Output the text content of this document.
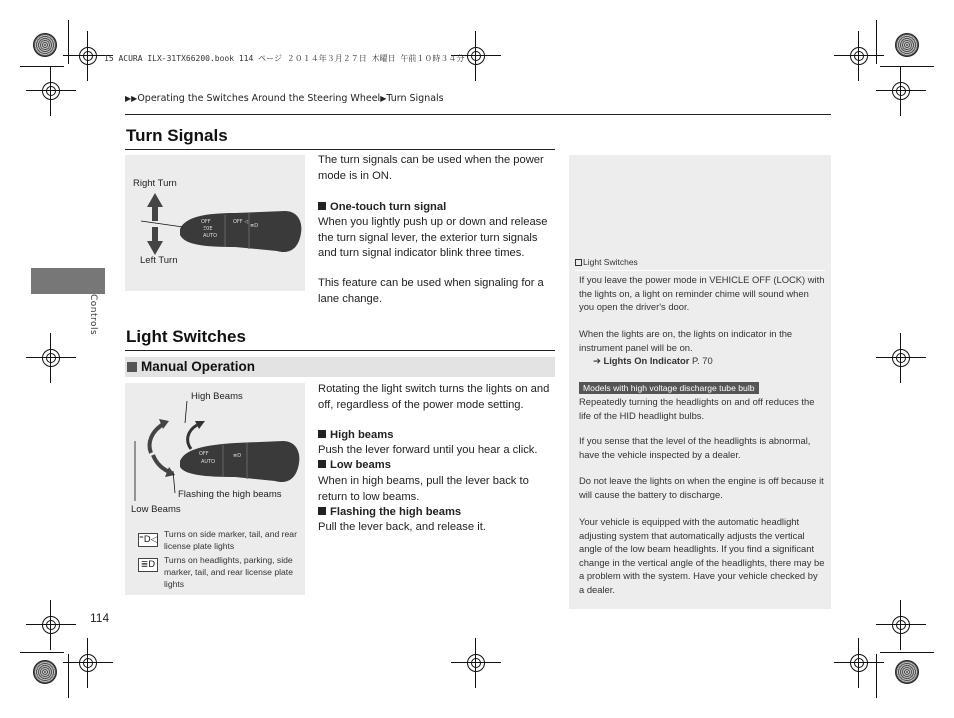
15 ACURA ILX-31TX66200.book 114 ページ ２０１４年３月２７日 木曜日 午前１０時３４分
▶▶Operating the Switches Around the Steering Wheel▶Turn Signals
Controls
Turn Signals
OFF
Ξ0E
AUTO
OFF ◁
≣D
Right Turn
Left Turn
The turn signals can be used when the power mode is in ON.
One-touch turn signal
When you lightly push up or down and release the turn signal lever, the exterior turn signals and turn signal indicator blink three times.
This feature can be used when signaling for a lane change.
Light Switches
Manual Operation
OFF
AUTO
≣D
High Beams
Flashing the high beams
Low Beams
⁼D◁
Turns on side marker, tail, and rear license plate lights
≣D	Turns on headlights, parking, side marker, tail, and rear license plate lights
Rotating the light switch turns the lights on and off, regardless of the power mode setting.
High beams
Push the lever forward until you hear a click.
Low beams
When in high beams, pull the lever back to return to low beams.
Flashing the high beams
Pull the lever back, and release it.
Light Switches
If you leave the power mode in VEHICLE OFF (LOCK) with the lights on, a light on reminder chime will sound when you open the driver's door.
When the lights are on, the lights on indicator in the instrument panel will be on.
➔ Lights On Indicator P. 70
Models with high voltage discharge tube bulb
Repeatedly turning the headlights on and off reduces the life of the HID headlight bulbs.
If you sense that the level of the headlights is abnormal, have the vehicle inspected by a dealer.
Do not leave the lights on when the engine is off because it will cause the battery to discharge.
Your vehicle is equipped with the automatic headlight adjusting system that automatically adjusts the vertical angle of the low beam headlights. If you find a significant change in the vertical angle of the headlights, there may be a problem with the system. Have your vehicle checked by a dealer.
114
